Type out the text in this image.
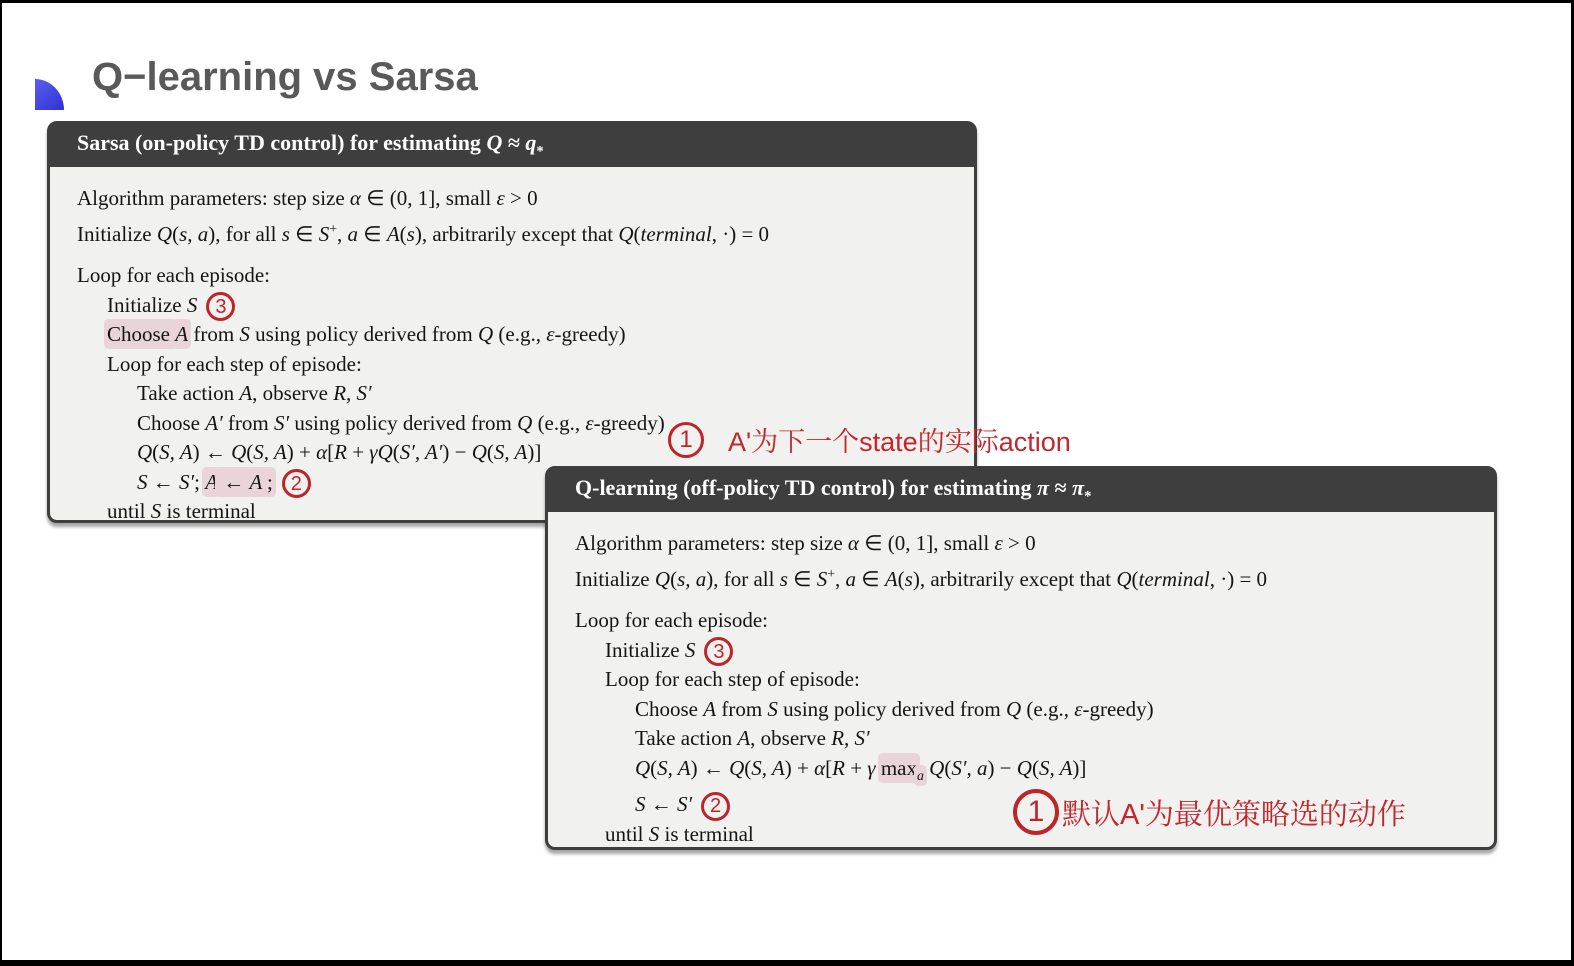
Q−learning vs Sarsa
Sarsa (on-policy TD control) for estimating $Q \approx q_*$
Algorithm parameters: step size α ∈ (0, 1], small ε > 0
Initialize Q(s, a), for all s ∈ S+, a ∈ A(s), arbitrarily except that Q(terminal, ·) = 0
Loop for each episode:
Initialize S 3
Choose A from S using policy derived from Q (e.g., ε-greedy)
Loop for each step of episode:
Take action A, observe R, S′
Choose A′ from S′ using policy derived from Q (e.g., ε-greedy)
Q(S, A) ← Q(S, A) + α[R + γQ(S′, A′) − Q(S, A)]
S ← S′; A ← A′; 2
until S is terminal
Q-learning (off-policy TD control) for estimating $\pi \approx \pi_*$
Algorithm parameters: step size α ∈ (0, 1], small ε > 0
Initialize Q(s, a), for all s ∈ S+, a ∈ A(s), arbitrarily except that Q(terminal, ·) = 0
Loop for each episode:
Initialize S 3
Loop for each step of episode:
Choose A from S using policy derived from Q (e.g., ε-greedy)
Take action A, observe R, S′
Q(S, A) ← Q(S, A) + α[R + γ $\max_a Q(S'$, a) − Q(S, A)]
S ← S′ 2
until S is terminal
1	A'为下一个state的实际action
1 默认A'为最优策略选的动作
